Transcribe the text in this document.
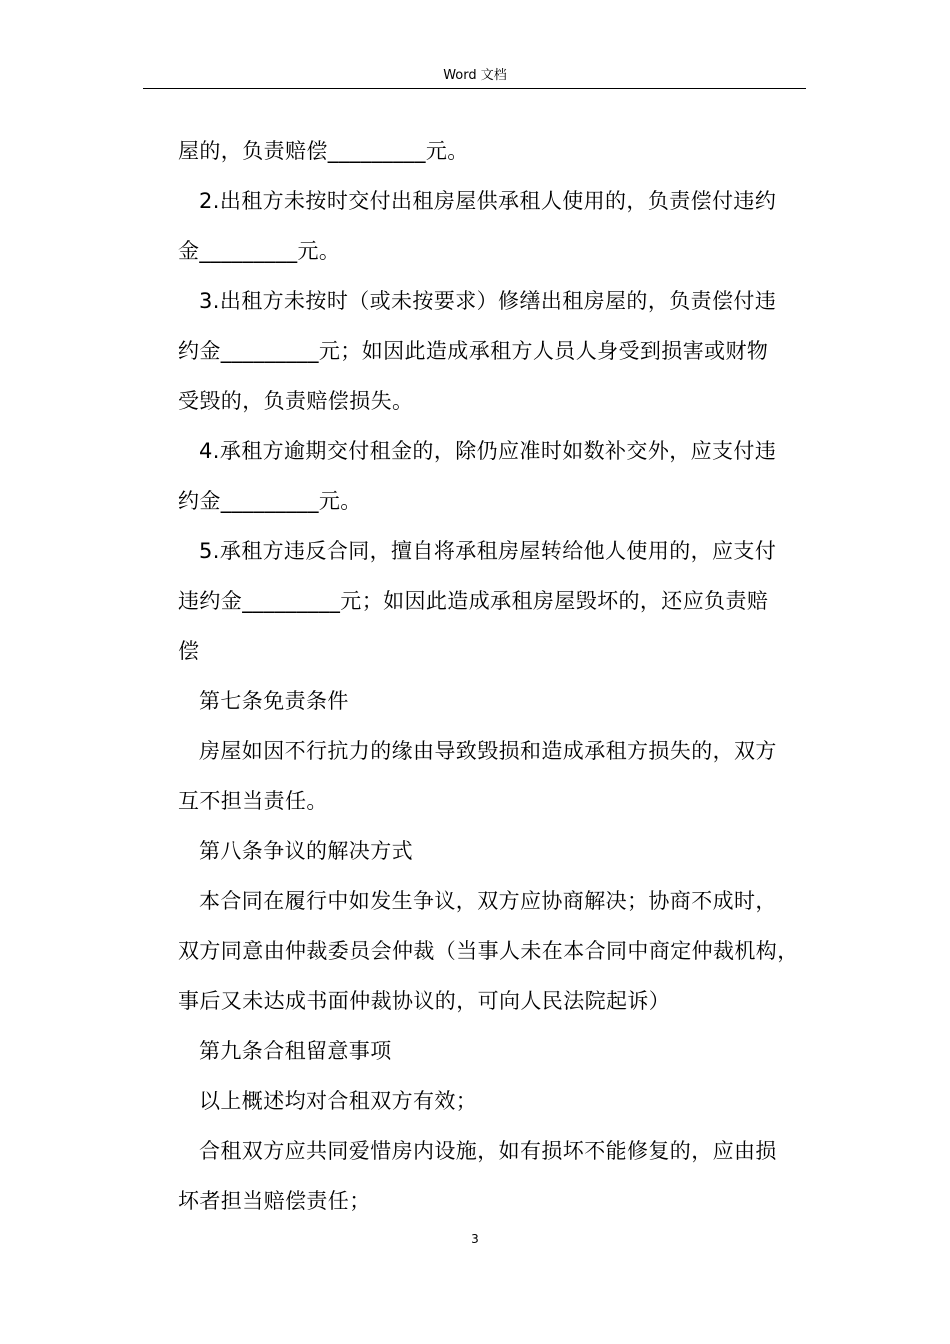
Word 文档
屋的，负责赔偿_________元。
2.出租方未按时交付出租房屋供承租人使用的，负责偿付违约
金_________元。
3.出租方未按时（或未按要求）修缮出租房屋的，负责偿付违
约金_________元；如因此造成承租方人员人身受到损害或财物
受毁的，负责赔偿损失。
4.承租方逾期交付租金的，除仍应准时如数补交外，应支付违
约金_________元。
5.承租方违反合同，擅自将承租房屋转给他人使用的，应支付
违约金_________元；如因此造成承租房屋毁坏的，还应负责赔
偿
第七条免责条件
房屋如因不行抗力的缘由导致毁损和造成承租方损失的，双方
互不担当责任。
第八条争议的解决方式
本合同在履行中如发生争议，双方应协商解决；协商不成时，
双方同意由仲裁委员会仲裁（当事人未在本合同中商定仲裁机构，
事后又未达成书面仲裁协议的，可向人民法院起诉）
第九条合租留意事项
以上概述均对合租双方有效；
合租双方应共同爱惜房内设施，如有损坏不能修复的，应由损
坏者担当赔偿责任；
3
